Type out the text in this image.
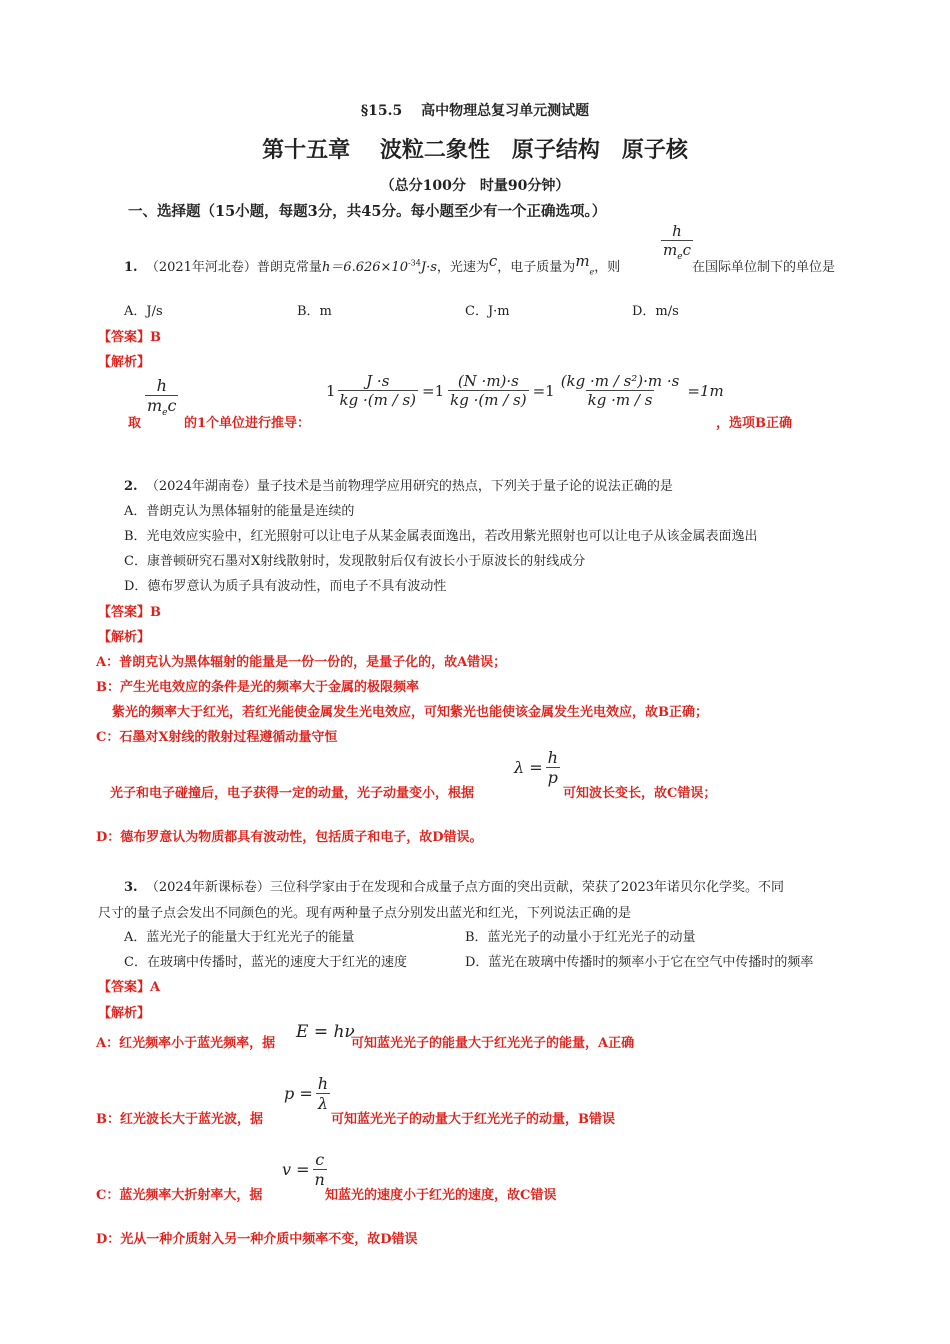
§15.5　 高中物理总复习单元测试题
第十五章　 波粒二象性　原子结构　原子核
（总分100分　时量90分钟）
一、选择题（15小题，每题3分，共45分。每小题至少有一个正确选项。）
$\frac{h}{m_ec}$
1. （2021年河北卷）普朗克常量$h=6.626\times 10^{-34}J\cdot s$，光速为c，电子质量为$m_e$，则	在国际单位制下的单位是
A．J/s	B．m	C．J·m	D．m/s
【答案】B
【解析】
取
$\frac{h}{m_ec}$
的1个单位进行推导：
$1 \frac{J \cdot s}{kg \cdot(m / s)} =1 \frac{(N \cdot m)\cdot s}{kg \cdot(m / s)} =1 \frac{\text{(kg ·m / s²)·m ·s}}{kg \cdot m / s} =1m$
，选项B正确
2. （2024年湖南卷）量子技术是当前物理学应用研究的热点，下列关于量子论的说法正确的是
A．普朗克认为黑体辐射的能量是连续的
B．光电效应实验中，红光照射可以让电子从某金属表面逸出，若改用紫光照射也可以让电子从该金属表面逸出
C．康普顿研究石墨对X射线散射时，发现散射后仅有波长小于原波长的射线成分
D．德布罗意认为质子具有波动性，而电子不具有波动性
【答案】B
【解析】
A：普朗克认为黑体辐射的能量是一份一份的，是量子化的，故A错误；
B：产生光电效应的条件是光的频率大于金属的极限频率
紫光的频率大于红光，若红光能使金属发生光电效应，可知紫光也能使该金属发生光电效应，故B正确；
C：石墨对X射线的散射过程遵循动量守恒
光子和电子碰撞后，电子获得一定的动量，光子动量变小，根据
$\lambda = \frac{h}{p}$
可知波长变长，故C错误；
D：德布罗意认为物质都具有波动性，包括质子和电子，故D错误。
3. （2024年新课标卷）三位科学家由于在发现和合成量子点方面的突出贡献，荣获了2023年诺贝尔化学奖。不同
尺寸的量子点会发出不同颜色的光。现有两种量子点分别发出蓝光和红光，下列说法正确的是
A．蓝光光子的能量大于红光光子的能量	B．蓝光光子的动量小于红光光子的动量
C．在玻璃中传播时，蓝光的速度大于红光的速度	D．蓝光在玻璃中传播时的频率小于它在空气中传播时的频率
【答案】A
【解析】
A：红光频率小于蓝光频率，据
E = hν
可知蓝光光子的能量大于红光光子的能量，A正确
B：红光波长大于蓝光波，据
$p = \frac{h}{\lambda}$
可知蓝光光子的动量大于红光光子的动量，B错误
C：蓝光频率大折射率大，据
$v = \frac{c}{n}$
知蓝光的速度小于红光的速度，故C错误
D：光从一种介质射入另一种介质中频率不变，故D错误
